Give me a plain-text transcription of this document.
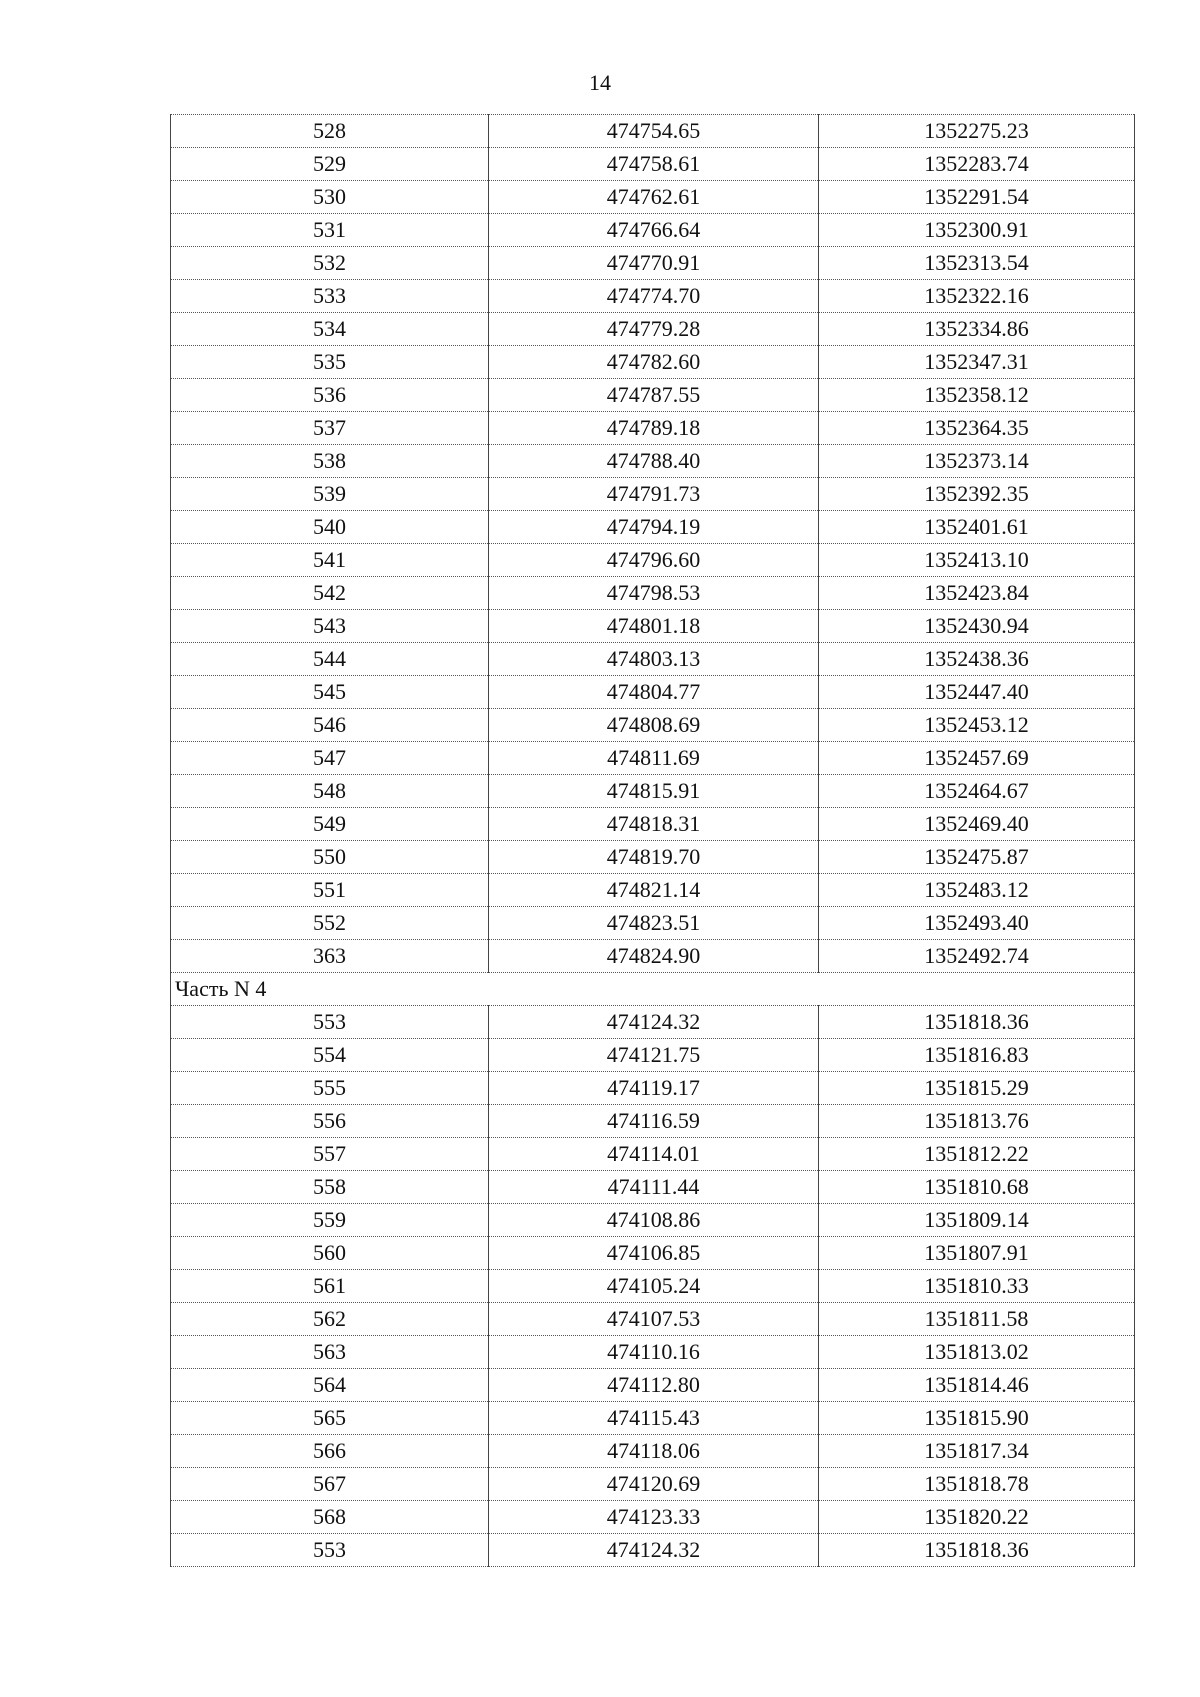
14
528	474754.65	1352275.23
529	474758.61	1352283.74
530	474762.61	1352291.54
531	474766.64	1352300.91
532	474770.91	1352313.54
533	474774.70	1352322.16
534	474779.28	1352334.86
535	474782.60	1352347.31
536	474787.55	1352358.12
537	474789.18	1352364.35
538	474788.40	1352373.14
539	474791.73	1352392.35
540	474794.19	1352401.61
541	474796.60	1352413.10
542	474798.53	1352423.84
543	474801.18	1352430.94
544	474803.13	1352438.36
545	474804.77	1352447.40
546	474808.69	1352453.12
547	474811.69	1352457.69
548	474815.91	1352464.67
549	474818.31	1352469.40
550	474819.70	1352475.87
551	474821.14	1352483.12
552	474823.51	1352493.40
363	474824.90	1352492.74
Часть N 4		
553	474124.32	1351818.36
554	474121.75	1351816.83
555	474119.17	1351815.29
556	474116.59	1351813.76
557	474114.01	1351812.22
558	474111.44	1351810.68
559	474108.86	1351809.14
560	474106.85	1351807.91
561	474105.24	1351810.33
562	474107.53	1351811.58
563	474110.16	1351813.02
564	474112.80	1351814.46
565	474115.43	1351815.90
566	474118.06	1351817.34
567	474120.69	1351818.78
568	474123.33	1351820.22
553	474124.32	1351818.36
